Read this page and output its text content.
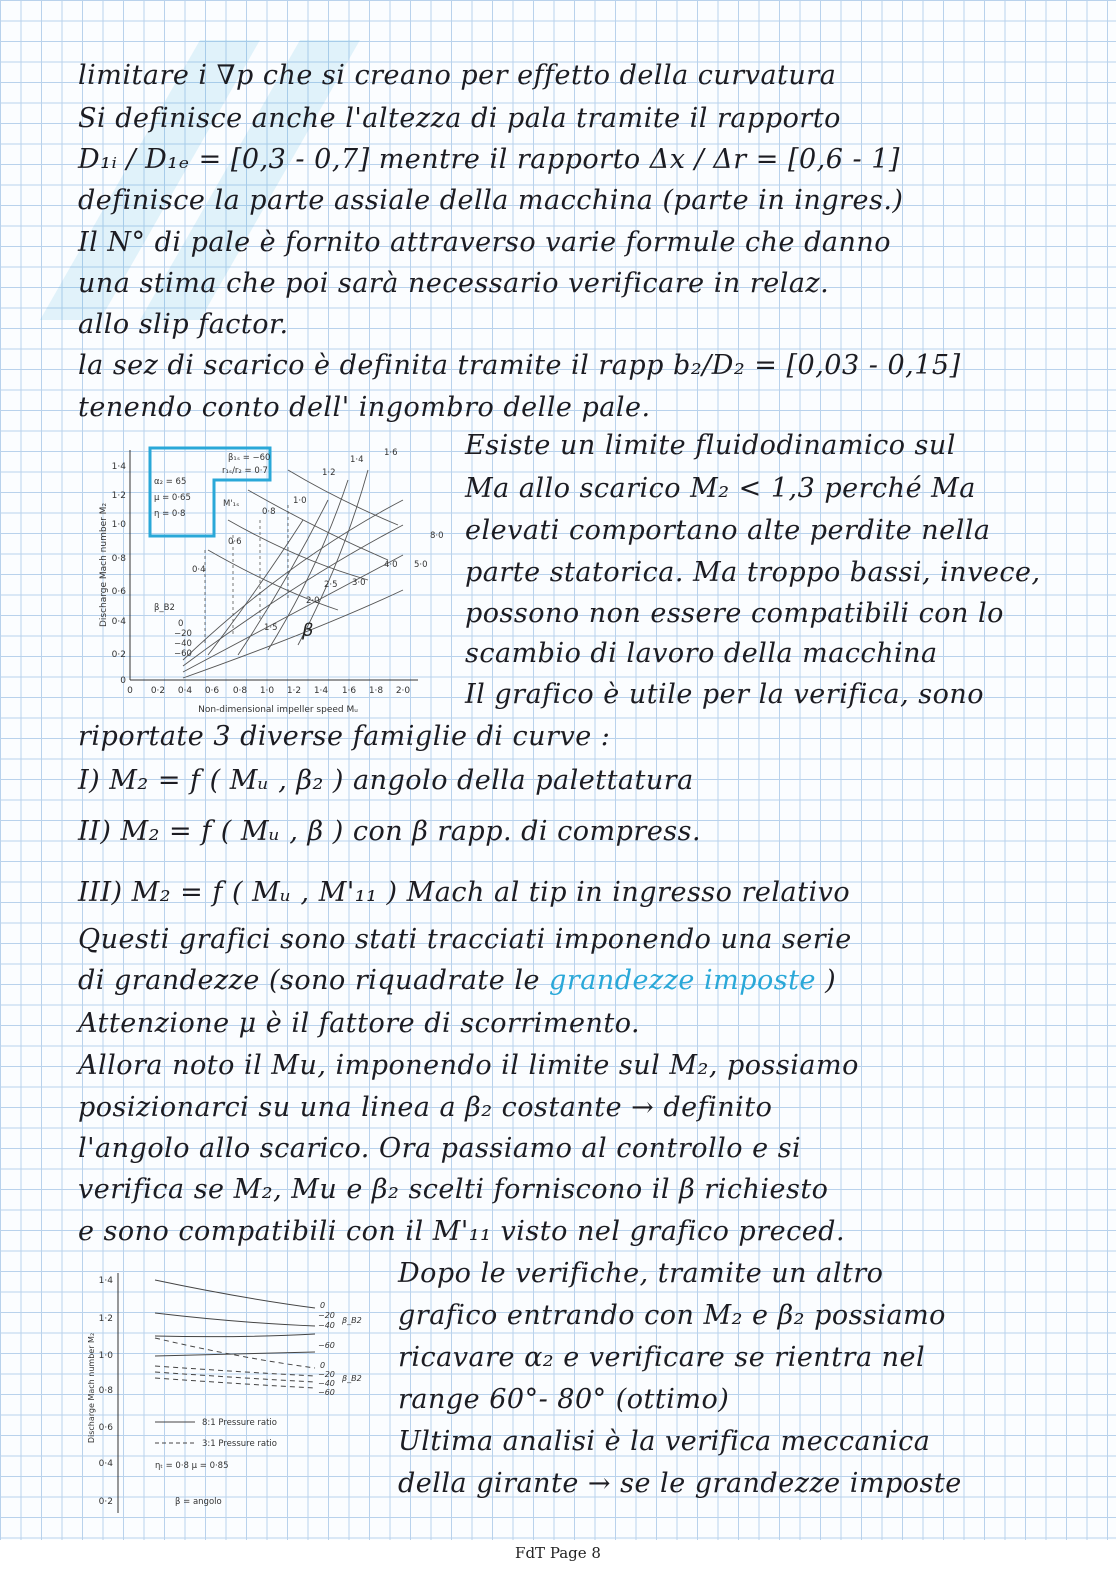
limitare i ∇p che si creano per effetto della curvatura
Si definisce anche l'altezza di pala tramite il rapporto
D₁ᵢ / D₁ₑ = [0,3 - 0,7] mentre il rapporto Δx / Δr = [0,6 - 1]
definisce la parte assiale della macchina (parte in ingres.)
Il N° di pale è fornito attraverso varie formule che danno
una stima che poi sarà necessario verificare in relaz.
allo slip factor.
la sez di scarico è definita tramite il rapp b₂/D₂ = [0,03 - 0,15]
tenendo conto dell' ingombro delle pale.
1·4
1·2
1·0
0·8
0·6
0·4
0·2
0
0 0·2 0·4 0·6 0·8 1·0 1·2 1·4 1·6 1·8 2·0
Non-dimensional impeller speed Mᵤ
Discharge Mach number M₂	M'₁ₛ
0·6
0·8
1·0
1·2
1·4
1·6
1·5
2·0
2·5 3·0
4·0 5·0
8·0
0·4
β_B2
0
−20
−40
−60
β
β₁ₛ = −60
r₁ₛ/r₂ = 0·7
α₂ = 65
μ = 0·65
η = 0·8
Esiste un limite fluidodinamico sul
Ma allo scarico M₂ < 1,3 perché Ma
elevati comportano alte perdite nella
parte statorica. Ma troppo bassi, invece,
possono non essere compatibili con lo
scambio di lavoro della macchina
Il grafico è utile per la verifica, sono
riportate 3 diverse famiglie di curve :
I) M₂ = f ( Mᵤ , β₂ ) angolo della palettatura
II) M₂ = f ( Mᵤ , β ) con β rapp. di compress.
III) M₂ = f ( Mᵤ , M'₁₁ ) Mach al tip in ingresso relativo
Questi grafici sono stati tracciati imponendo una serie
di grandezze (sono riquadrate le grandezze imposte )
Attenzione μ è il fattore di scorrimento.
Allora noto il Mu, imponendo il limite sul M₂, possiamo
posizionarci su una linea a β₂ costante → definito
l'angolo allo scarico. Ora passiamo al controllo e si
verifica se M₂, Mu e β₂ scelti forniscono il β richiesto
e sono compatibili con il M'₁₁ visto nel grafico preced.
1·4
1·2
1·0
0·8
0·6
0·4
0·2
Discharge Mach number M₂
0
−20
−40
β_B2
−60
0
−20
−40
β_B2
−60
8:1 Pressure ratio
3:1 Pressure ratio
ηₜ = 0·8 μ = 0·85
β = angolo
Dopo le verifiche, tramite un altro
grafico entrando con M₂ e β₂ possiamo
ricavare α₂ e verificare se rientra nel
range 60°- 80° (ottimo)
Ultima analisi è la verifica meccanica
della girante → se le grandezze imposte
FdT Page 8
